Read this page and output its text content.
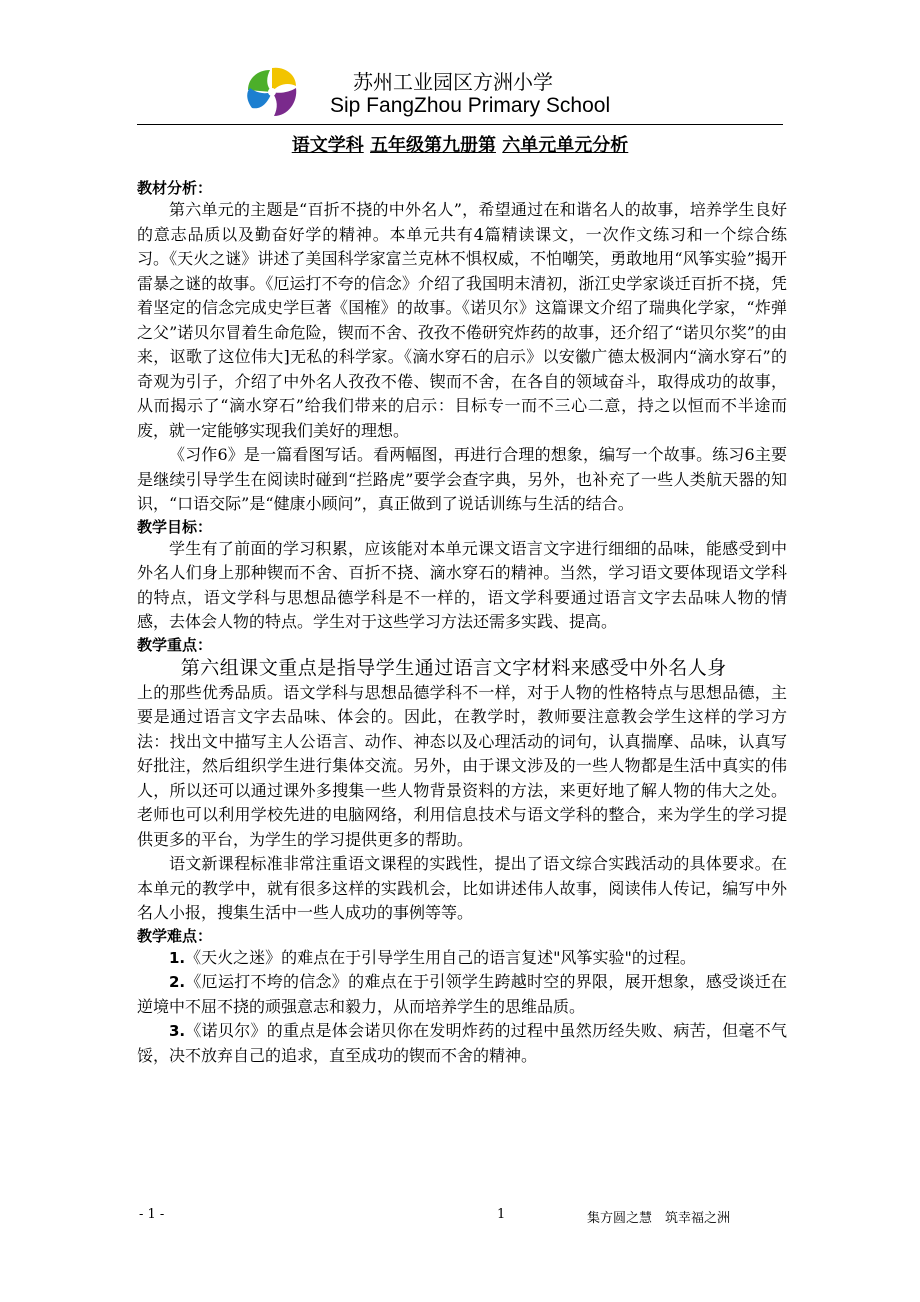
苏州工业园区方洲小学
Sip FangZhou Primary School
语文学科 五年级第九册第 六单元单元分析
教材分析：

第六单元的主题是“百折不挠的中外名人”，希望通过在和谐名人的故事，培养学生良好的意志品质以及勤奋好学的精神。本单元共有4篇精读课文，一次作文练习和一个综合练习。《天火之谜》讲述了美国科学家富兰克林不惧权威，不怕嘲笑，勇敢地用“风筝实验”揭开雷暴之谜的故事。《厄运打不夸的信念》介绍了我国明末清初，浙江史学家谈迁百折不挠，凭着坚定的信念完成史学巨著《国榷》的故事。《诺贝尔》这篇课文介绍了瑞典化学家，“炸弹之父”诺贝尔冒着生命危险，锲而不舍、孜孜不倦研究炸药的故事，还介绍了“诺贝尔奖”的由来，讴歌了这位伟大]无私的科学家。《滴水穿石的启示》以安徽广德太极洞内“滴水穿石”的奇观为引子，介绍了中外名人孜孜不倦、锲而不舍，在各自的领域奋斗，取得成功的故事，从而揭示了“滴水穿石”给我们带来的启示：目标专一而不三心二意，持之以恒而不半途而废，就一定能够实现我们美好的理想。

《习作6》是一篇看图写话。看两幅图，再进行合理的想象，编写一个故事。练习6主要是继续引导学生在阅读时碰到“拦路虎”要学会查字典，另外，也补充了一些人类航天器的知识，“口语交际”是“健康小顾问”，真正做到了说话训练与生活的结合。

教学目标：

学生有了前面的学习积累，应该能对本单元课文语言文字进行细细的品味，能感受到中外名人们身上那种锲而不舍、百折不挠、滴水穿石的精神。当然，学习语文要体现语文学科的特点，语文学科与思想品德学科是不一样的，语文学科要通过语言文字去品味人物的情感，去体会人物的特点。学生对于这些学习方法还需多实践、提高。

教学重点：

第六组课文重点是指导学生通过语言文字材料来感受中外名人身

上的那些优秀品质。语文学科与思想品德学科不一样，对于人物的性格特点与思想品德，主要是通过语言文字去品味、体会的。因此，在教学时，教师要注意教会学生这样的学习方法：找出文中描写主人公语言、动作、神态以及心理活动的词句，认真揣摩、品味，认真写好批注，然后组织学生进行集体交流。另外，由于课文涉及的一些人物都是生活中真实的伟人，所以还可以通过课外多搜集一些人物背景资料的方法，来更好地了解人物的伟大之处。老师也可以利用学校先进的电脑网络，利用信息技术与语文学科的整合，来为学生的学习提供更多的平台，为学生的学习提供更多的帮助。

语文新课程标准非常注重语文课程的实践性，提出了语文综合实践活动的具体要求。在本单元的教学中，就有很多这样的实践机会，比如讲述伟人故事，阅读伟人传记，编写中外名人小报，搜集生活中一些人成功的事例等等。

教学难点：

1.《天火之迷》的难点在于引导学生用自己的语言复述"风筝实验"的过程。

2.《厄运打不垮的信念》的难点在于引领学生跨越时空的界限，展开想象，感受谈迁在逆境中不屈不挠的顽强意志和毅力，从而培养学生的思维品质。

3.《诺贝尔》的重点是体会诺贝你在发明炸药的过程中虽然历经失败、病苦，但毫不气馁，决不放弃自己的追求，直至成功的锲而不舍的精神。

- 1 -	1	集方圆之慧　筑幸福之洲
